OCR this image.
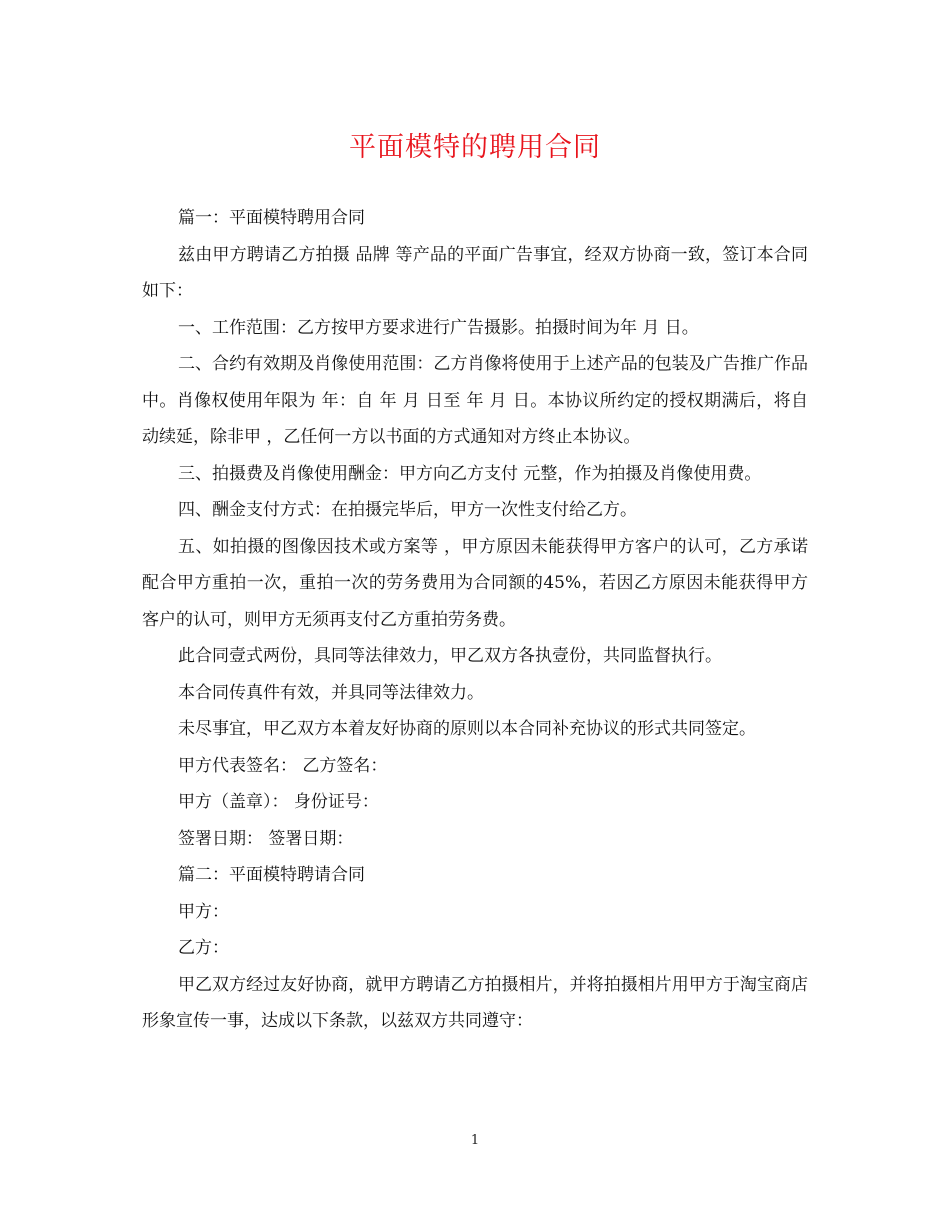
平面模特的聘用合同

篇一：平面模特聘用合同

兹由甲方聘请乙方拍摄 品牌 等产品的平面广告事宜，经双方协商一致，签订本合同如下：

一、工作范围：乙方按甲方要求进行广告摄影。拍摄时间为年 月 日。

二、合约有效期及肖像使用范围：乙方肖像将使用于上述产品的包装及广告推广作品中。肖像权使用年限为 年：自 年 月 日至 年 月 日。本协议所约定的授权期满后，将自动续延，除非甲 ，乙任何一方以书面的方式通知对方终止本协议。

三、拍摄费及肖像使用酬金：甲方向乙方支付 元整，作为拍摄及肖像使用费。

四、酬金支付方式：在拍摄完毕后，甲方一次性支付给乙方。

五、如拍摄的图像因技术或方案等 ，甲方原因未能获得甲方客户的认可，乙方承诺配合甲方重拍一次，重拍一次的劳务费用为合同额的45%，若因乙方原因未能获得甲方客户的认可，则甲方无须再支付乙方重拍劳务费。

此合同壹式两份，具同等法律效力，甲乙双方各执壹份，共同监督执行。

本合同传真件有效，并具同等法律效力。

未尽事宜，甲乙双方本着友好协商的原则以本合同补充协议的形式共同签定。

甲方代表签名： 乙方签名：

甲方（盖章）： 身份证号：

签署日期： 签署日期：

篇二：平面模特聘请合同

甲方：

乙方：

甲乙双方经过友好协商，就甲方聘请乙方拍摄相片，并将拍摄相片用甲方于淘宝商店形象宣传一事，达成以下条款，以兹双方共同遵守：

1
